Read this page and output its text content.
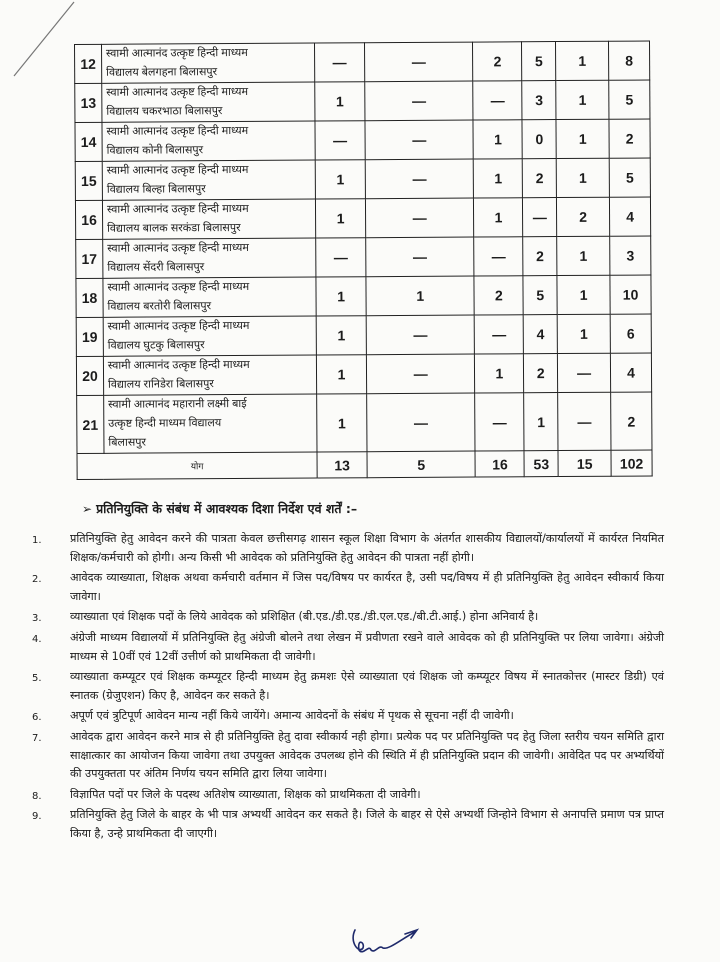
12	स्वामी आत्मानंद उत्कृष्ट हिन्दी माध्यम
विद्यालय बेलगहना बिलासपुर	—	—	2	5	1	8
13	स्वामी आत्मानंद उत्कृष्ट हिन्दी माध्यम
विद्यालय चकरभाठा बिलासपुर	1	—	—	3	1	5
14	स्वामी आत्मानंद उत्कृष्ट हिन्दी माध्यम
विद्यालय कोनी बिलासपुर	—	—	1	0	1	2
15	स्वामी आत्मानंद उत्कृष्ट हिन्दी माध्यम
विद्यालय बिल्हा बिलासपुर	1	—	1	2	1	5
16	स्वामी आत्मानंद उत्कृष्ट हिन्दी माध्यम
विद्यालय बालक सरकंडा बिलासपुर	1	—	1	—	2	4
17	स्वामी आत्मानंद उत्कृष्ट हिन्दी माध्यम
विद्यालय सेंदरी बिलासपुर	—	—	—	2	1	3
18	स्वामी आत्मानंद उत्कृष्ट हिन्दी माध्यम
विद्यालय बरतोरी बिलासपुर	1	1	2	5	1	10
19	स्वामी आत्मानंद उत्कृष्ट हिन्दी माध्यम
विद्यालय घुटकु बिलासपुर	1	—	—	4	1	6
20	स्वामी आत्मानंद उत्कृष्ट हिन्दी माध्यम
विद्यालय रानिडेरा बिलासपुर	1	—	1	2	—	4
21	स्वामी आत्मानंद महारानी लक्ष्मी बाई
उत्कृष्ट हिन्दी माध्यम विद्यालय
बिलासपुर	1	—	—	1	—	2
योग		13	5	16	53	15	102
➢ प्रतिनियुक्ति के संबंध में आवश्यक दिशा निर्देश एवं शर्तें :–
1.	प्रतिनियुक्ति हेतु आवेदन करने की पात्रता केवल छत्तीसगढ़ शासन स्कूल शिक्षा विभाग के अंतर्गत शासकीय विद्यालयों/कार्यालयों में कार्यरत नियमित शिक्षक/कर्मचारी को होगी। अन्य किसी भी आवेदक को प्रतिनियुक्ति हेतु आवेदन की पात्रता नहीं होगी।
2.	आवेदक व्याख्याता, शिक्षक अथवा कर्मचारी वर्तमान में जिस पद/विषय पर कार्यरत है, उसी पद/विषय में ही प्रतिनियुक्ति हेतु आवेदन स्वीकार्य किया जावेगा।
3.	व्याख्याता एवं शिक्षक पदों के लिये आवेदक को प्रशिक्षित (बी.एड./डी.एड./डी.एल.एड./बी.टी.आई.) होना अनिवार्य है।
4.	अंग्रेजी माध्यम विद्यालयों में प्रतिनियुक्ति हेतु अंग्रेजी बोलने तथा लेखन में प्रवीणता रखने वाले आवेदक को ही प्रतिनियुक्ति पर लिया जावेगा। अंग्रेजी माध्यम से 10वीं एवं 12वीं उत्तीर्ण को प्राथमिकता दी जावेगी।
5.	व्याख्याता कम्प्यूटर एवं शिक्षक कम्प्यूटर हिन्दी माध्यम हेतु क्रमशः ऐसे व्याख्याता एवं शिक्षक जो कम्प्यूटर विषय में स्नातकोत्तर (मास्टर डिग्री) एवं स्नातक (ग्रेजुएशन) किए है, आवेदन कर सकते है।
6.	अपूर्ण एवं त्रुटिपूर्ण आवेदन मान्य नहीं किये जायेंगे। अमान्य आवेदनों के संबंध में पृथक से सूचना नहीं दी जावेगी।
7.	आवेदक द्वारा आवेदन करने मात्र से ही प्रतिनियुक्ति हेतु दावा स्वीकार्य नही होगा। प्रत्येक पद पर प्रतिनियुक्ति पद हेतु जिला स्तरीय चयन समिति द्वारा साक्षात्कार का आयोजन किया जावेगा तथा उपयुक्त आवेदक उपलब्ध होने की स्थिति में ही प्रतिनियुक्ति प्रदान की जावेगी। आवेदित पद पर अभ्यर्थियों की उपयुक्तता पर अंतिम निर्णय चयन समिति द्वारा लिया जावेगा।
8.	विज्ञापित पदों पर जिले के पदस्थ अतिशेष व्याख्याता, शिक्षक को प्राथमिकता दी जावेगी।
9.	प्रतिनियुक्ति हेतु जिले के बाहर के भी पात्र अभ्यर्थी आवेदन कर सकते है। जिले के बाहर से ऐसे अभ्यर्थी जिन्होने विभाग से अनापत्ति प्रमाण पत्र प्राप्त किया है, उन्हे प्राथमिकता दी जाएगी।
